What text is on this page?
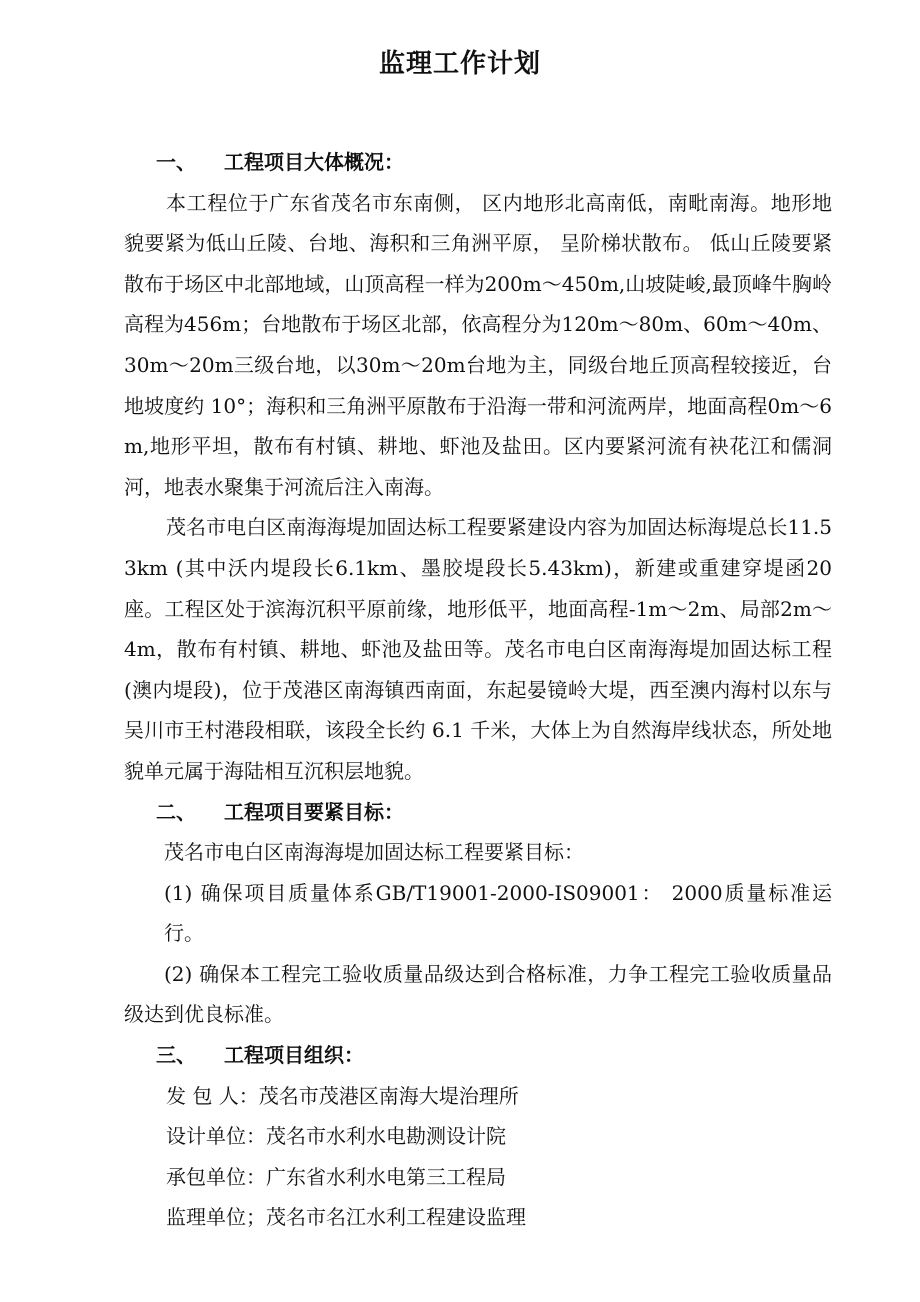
监理工作计划

一、 工程项目大体概况：

本工程位于广东省茂名市东南侧， 区内地形北高南低，南毗南海。地形地貌要紧为低山丘陵、台地、海积和三角洲平原， 呈阶梯状散布。 低山丘陵要紧散布于场区中北部地域，山顶高程一样为200m～450m,山坡陡峻,最顶峰牛胸岭高程为456m；台地散布于场区北部，依高程分为120m～80m、60m～40m、30m～20m三级台地，以30m～20m台地为主，同级台地丘顶高程较接近，台地坡度约 10°；海积和三角洲平原散布于沿海一带和河流两岸，地面高程0m～6m,地形平坦，散布有村镇、耕地、虾池及盐田。区内要紧河流有袂花江和儒洞河，地表水聚集于河流后注入南海。

茂名市电白区南海海堤加固达标工程要紧建设内容为加固达标海堤总长11.53km (其中沃内堤段长6.1km、墨胶堤段长5.43km)，新建或重建穿堤函20座。工程区处于滨海沉积平原前缘，地形低平，地面高程-1m～2m、局部2m～4m，散布有村镇、耕地、虾池及盐田等。茂名市电白区南海海堤加固达标工程(澳内堤段)，位于茂港区南海镇西南面，东起晏镜岭大堤，西至澳内海村以东与吴川市王村港段相联，该段全长约 6.1 千米，大体上为自然海岸线状态，所处地貌单元属于海陆相互沉积层地貌。

二、 工程项目要紧目标：

茂名市电白区南海海堤加固达标工程要紧目标：

(1) 确保项目质量体系GB/T19001-2000-IS09001： 2000质量标准运行。

(2) 确保本工程完工验收质量品级达到合格标准，力争工程完工验收质量品级达到优良标准。

三、 工程项目组织：

发 包 人：茂名市茂港区南海大堤治理所

设计单位：茂名市水利水电勘测设计院

承包单位：广东省水利水电第三工程局

监理单位；茂名市名江水利工程建设监理
